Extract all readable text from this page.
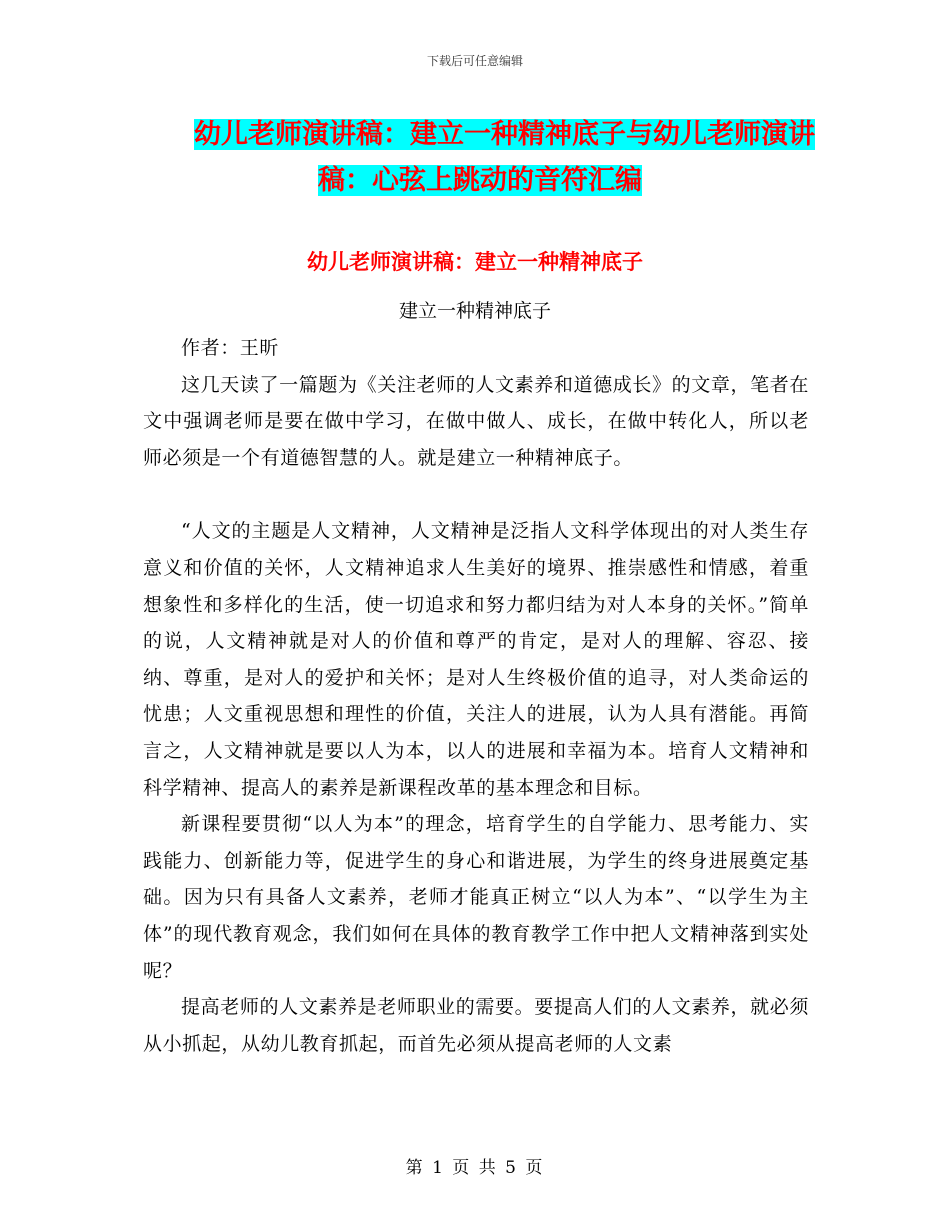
下载后可任意编辑
幼儿老师演讲稿：建立一种精神底子与幼儿老师演讲
稿：心弦上跳动的音符汇编
幼儿老师演讲稿：建立一种精神底子
建立一种精神底子

作者：王昕

这几天读了一篇题为《关注老师的人文素养和道德成长》的文章，笔者在文中强调老师是要在做中学习，在做中做人、成长，在做中转化人，所以老师必须是一个有道德智慧的人。就是建立一种精神底子。

“人文的主题是人文精神，人文精神是泛指人文科学体现出的对人类生存意义和价值的关怀，人文精神追求人生美好的境界、推崇感性和情感，着重想象性和多样化的生活，使一切追求和努力都归结为对人本身的关怀。”简单的说，人文精神就是对人的价值和尊严的肯定，是对人的理解、容忍、接纳、尊重，是对人的爱护和关怀；是对人生终极价值的追寻，对人类命运的忧患；人文重视思想和理性的价值，关注人的进展，认为人具有潜能。再简言之，人文精神就是要以人为本，以人的进展和幸福为本。培育人文精神和科学精神、提高人的素养是新课程改革的基本理念和目标。

新课程要贯彻“以人为本”的理念，培育学生的自学能力、思考能力、实践能力、创新能力等，促进学生的身心和谐进展，为学生的终身进展奠定基础。因为只有具备人文素养，老师才能真正树立“以人为本”、“以学生为主体”的现代教育观念，我们如何在具体的教育教学工作中把人文精神落到实处呢？

提高老师的人文素养是老师职业的需要。要提高人们的人文素养，就必须从小抓起，从幼儿教育抓起，而首先必须从提高老师的人文素

第 1 页 共 5 页
